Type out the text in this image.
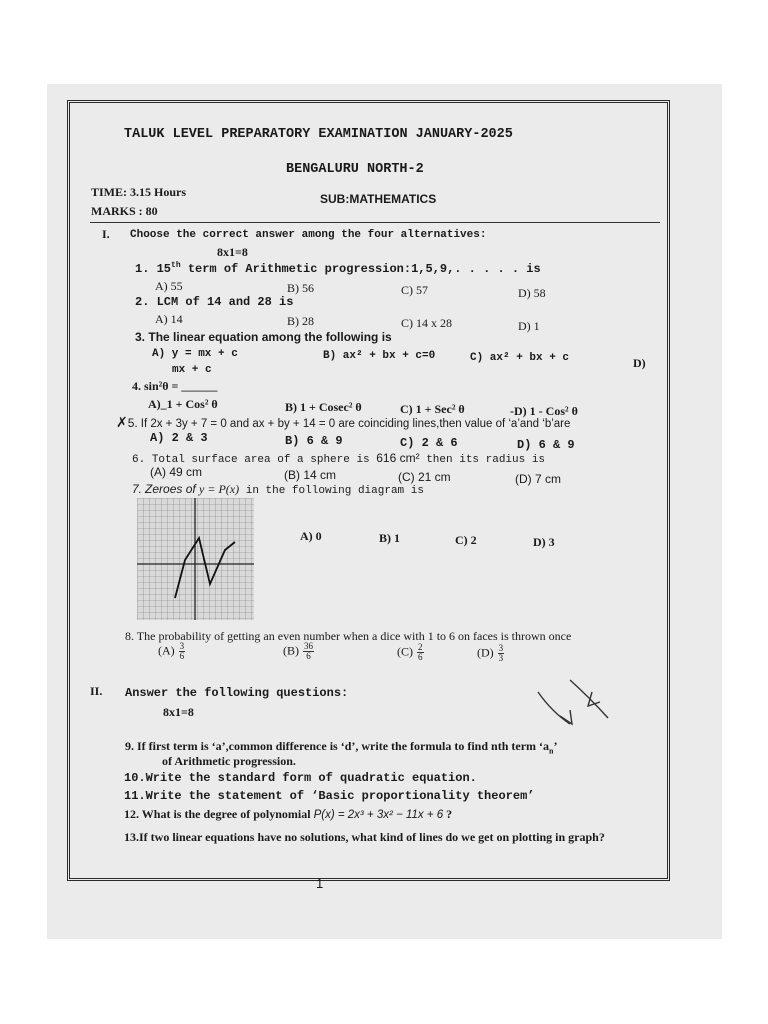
TALUK LEVEL PREPARATORY EXAMINATION JANUARY-2025
BENGALURU NORTH-2
TIME: 3.15 Hours	SUB:MATHEMATICS
MARKS : 80
I. Choose the correct answer among the four alternatives:
8x1=8
1. 15th term of Arithmetic progression:1,5,9,. . . . . is
A) 55	B) 56	C) 57	D) 58
2. LCM of 14 and 28 is
A) 14	B) 28	C) 14 x 28	D) 1
3. The linear equation among the following is
A) y = mx + c	B) ax² + bx + c=0	C) ax² + bx + c	D)
mx + c
4. sin²θ = ______
A)_1 + Cos² θ	B) 1 + Cosec² θ	C) 1 + Sec² θ	-D) 1 - Cos² θ
✗5. If 2x + 3y + 7 = 0 and ax + by + 14 = 0 are coinciding lines,then value of ‘a’and ‘b’are
A) 2 & 3	B) 6 & 9	C) 2 & 6	D) 6 & 9
6. Total surface area of a sphere is 616 cm² then its radius is
(A) 49 cm	(B) 14 cm	(C) 21 cm	(D) 7 cm
7. Zeroes of y = P(x) in the following diagram is
A) 0	B) 1	C) 2	D) 3
8. The probability of getting an even number when a dice with 1 to 6 on faces is thrown once
$(A) \frac{3}{6}$	$(B) \frac{36}{6}$	$(C) \frac{2}{6}$	$(D) \frac{3}{3}$
II. Answer the following questions:
8x1=8
9. If first term is ‘a’,common difference is ‘d’, write the formula to find nth term ‘$a_n$’
of Arithmetic progression.
10.Write the standard form of quadratic equation.
11.Write the statement of ‘Basic proportionality theorem’
12. What is the degree of polynomial P(x) = 2x³ + 3x² − 11x + 6 ?
13.If two linear equations have no solutions, what kind of lines do we get on plotting in graph?
1
